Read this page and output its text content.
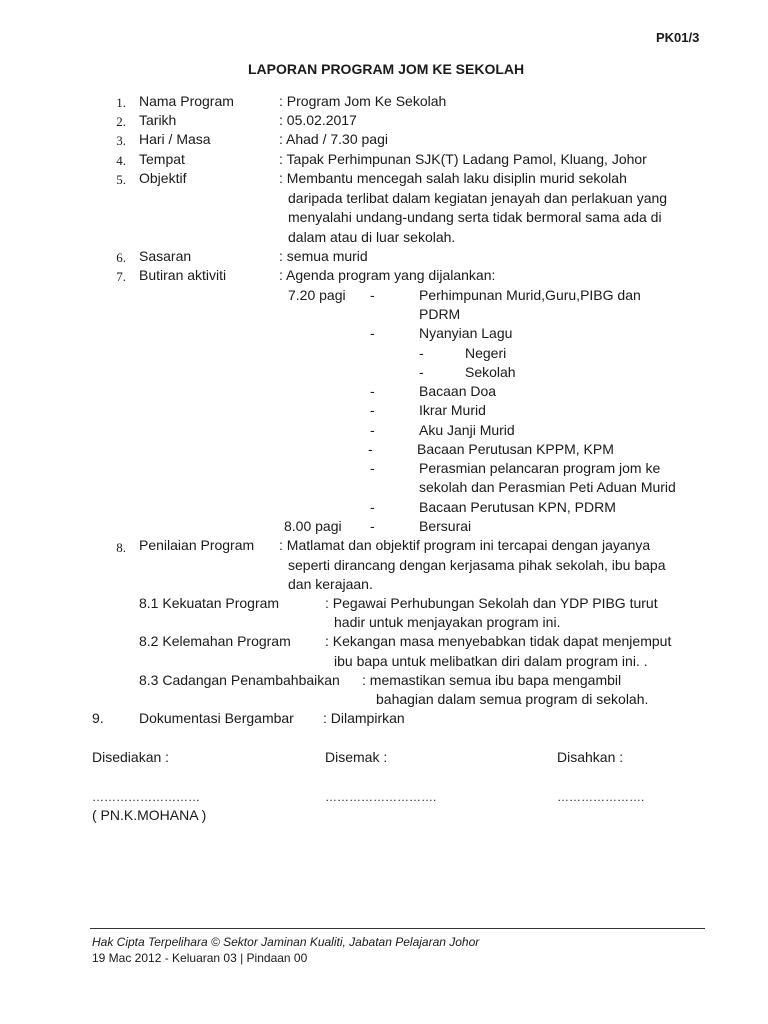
PK01/3
LAPORAN PROGRAM JOM KE SEKOLAH
1. Nama Program	: Program Jom Ke Sekolah
2. Tarikh	: 05.02.2017
3. Hari / Masa	: Ahad / 7.30 pagi
4. Tempat	: Tapak Perhimpunan SJK(T) Ladang Pamol, Kluang, Johor
5. Objektif	: Membantu mencegah salah laku disiplin murid sekolah
daripada terlibat dalam kegiatan jenayah dan perlakuan yang
menyalahi undang-undang serta tidak bermoral sama ada di
dalam atau di luar sekolah.
6. Sasaran	: semua murid
7. Butiran aktiviti	: Agenda program yang dijalankan:
7.20 pagi -	Perhimpunan Murid,Guru,PIBG dan
PDRM
-	Nyanyian Lagu
-	Negeri
-	Sekolah
-	Bacaan Doa
-	Ikrar Murid
-	Aku Janji Murid
-	Bacaan Perutusan KPPM, KPM
-	Perasmian pelancaran program jom ke
sekolah dan Perasmian Peti Aduan Murid
-	Bacaan Perutusan KPN, PDRM
8.00 pagi -	Bersurai
8. Penilaian Program : Matlamat dan objektif program ini tercapai dengan jayanya
seperti dirancang dengan kerjasama pihak sekolah, ibu bapa
dan kerajaan.
8.1 Kekuatan Program	: Pegawai Perhubungan Sekolah dan YDP PIBG turut
hadir untuk menjayakan program ini.
8.2 Kelemahan Program : Kekangan masa menyebabkan tidak dapat menjemput
ibu bapa untuk melibatkan diri dalam program ini. .
8.3 Cadangan Penambahbaikan : memastikan semua ibu bapa mengambil
bahagian dalam semua program di sekolah.
9.	Dokumentasi Bergambar : Dilampirkan
Disediakan :	Disemak :	Disahkan :
………………………	……………………….	………………….
( PN.K.MOHANA )
Hak Cipta Terpelihara © Sektor Jaminan Kualiti, Jabatan Pelajaran Johor
19 Mac 2012 - Keluaran 03 | Pindaan 00
